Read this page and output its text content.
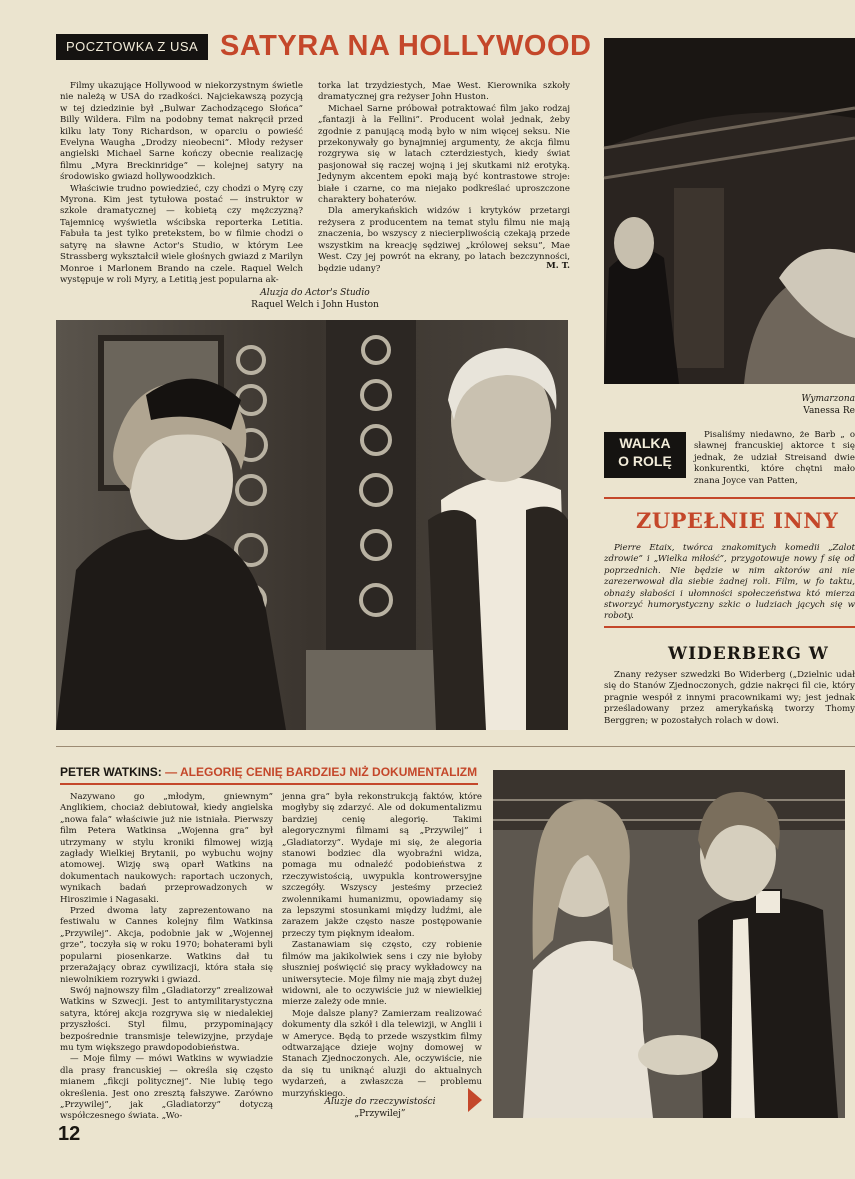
POCZTOWKA Z USA SATYRA NA HOLLYWOOD

Filmy ukazujące Hollywood w niekorzystnym świetle nie należą w USA do rzadkości. Najciekawszą pozycją w tej dziedzinie był „Bulwar Zachodzącego Słońca” Billy Wildera. Film na podobny temat nakręcił przed kilku laty Tony Richardson, w oparciu o powieść Evelyna Waugha „Drodzy nieobecni”. Młody reżyser angielski Michael Sarne kończy obecnie realizację filmu „Myra Breckinridge” — kolejnej satyry na środowisko gwiazd hollywoodzkich.

Właściwie trudno powiedzieć, czy chodzi o Myrę czy Myrona. Kim jest tytułowa postać — instruktor w szkole dramatycznej — kobietą czy mężczyzną? Tajemnicę wyświetla wścibska reporterka Letitia. Fabuła ta jest tylko pretekstem, bo w filmie chodzi o satyrę na sławne Actor's Studio, w którym Lee Strassberg wykształcił wiele głośnych gwiazd z Marilyn Monroe i Marlonem Brando na czele. Raquel Welch występuje w roli Myry, a Letitią jest popularna ak-

torka lat trzydziestych, Mae West. Kierownika szkoły dramatycznej gra reżyser John Huston.

Michael Sarne próbował potraktować film jako rodzaj „fantazji à la Fellini”. Producent wolał jednak, żeby zgodnie z panującą modą było w nim więcej seksu. Nie przekonywały go bynajmniej argumenty, że akcja filmu rozgrywa się w latach czterdziestych, kiedy świat pasjonował się raczej wojną i jej skutkami niż erotyką. Jedynym akcentem epoki mają być kontrastowe stroje: białe i czarne, co ma niejako podkreślać uproszczone charaktery bohaterów.

Dla amerykańskich widzów i krytyków przetargi reżysera z producentem na temat stylu filmu nie mają znaczenia, bo wszyscy z niecierpliwością czekają przede wszystkim na kreację sędziwej „królowej seksu”, Mae West. Czy jej powrót na ekrany, po latach bezczynności, będzie udany?	M. T.
Aluzja do Actor's Studio
Raquel Welch i John Huston
Wymarzona
Vanessa Re
WALKA
O ROLĘ

Pisaliśmy niedawno, że Barb „ o sławnej francuskiej aktorce t się jednak, że udział Streisand dwie konkurentki, które chętni mało znana Joyce van Patten,

ZUPEŁNIE INNY

Pierre Etaix, twórca znakomitych komedii „Zalot zdrowie” i „Wielka miłość”, przygotowuje nowy f się od poprzednich. Nie będzie w nim aktorów ani nie zarezerwował dla siebie żadnej roli. Film, w fo taktu, obnaży słabości i ułomności społeczeństwa któ mierza stworzyć humorystyczny szkic o ludziach jących się w roboty.

WIDERBERG W

Znany reżyser szwedzki Bo Widerberg („Dzielnic udał się do Stanów Zjednoczonych, gdzie nakręci fil cie, który pragnie wespół z innymi pracownikami wy; jest jednak prześladowany przez amerykańską tworzy Thomy Berggren; w pozostałych rolach w dowi.

PETER WATKINS: — ALEGORIĘ CENIĘ BARDZIEJ NIŻ DOKUMENTALIZM

Nazywano go „młodym, gniewnym” Anglikiem, chociaż debiutował, kiedy angielska „nowa fala” właściwie już nie istniała. Pierwszy film Petera Watkinsa „Wojenna gra” był utrzymany w stylu kroniki filmowej wizją zagłady Wielkiej Brytanii, po wybuchu wojny atomowej. Wizję swą oparł Watkins na dokumentach naukowych: raportach uczonych, wynikach badań przeprowadzonych w Hiroszimie i Nagasaki.

Przed dwoma laty zaprezentowano na festiwalu w Cannes kolejny film Watkinsa „Przywilej”. Akcja, podobnie jak w „Wojennej grze”, toczyła się w roku 1970; bohaterami byli popularni piosenkarze. Watkins dał tu przerażający obraz cywilizacji, która stała się niewolnikiem rozrywki i gwiazd.

Swój najnowszy film „Gladiatorzy” zrealizował Watkins w Szwecji. Jest to antymilitarystyczna satyra, której akcja rozgrywa się w niedalekiej przyszłości. Styl filmu, przypominający bezpośrednie transmisje telewizyjne, przydaje mu tym większego prawdopodobieństwa.

— Moje filmy — mówi Watkins w wywiadzie dla prasy francuskiej — określa się często mianem „fikcji politycznej”. Nie lubię tego określenia. Jest ono zresztą fałszywe. Zarówno „Przywilej”, jak „Gladiatorzy” dotyczą współczesnego świata. „Wo-

jenna gra” była rekonstrukcją faktów, które mogłyby się zdarzyć. Ale od dokumentalizmu bardziej cenię alegorię. Takimi alegorycznymi filmami są „Przywilej” i „Gladiatorzy”. Wydaje mi się, że alegoria stanowi bodziec dla wyobraźni widza, pomaga mu odnaleźć podobieństwa z rzeczywistością, uwypukla kontrowersyjne szczegóły. Wszyscy jesteśmy przecież zwolennikami humanizmu, opowiadamy się za lepszymi stosunkami między ludźmi, ale zarazem jakże często nasze postępowanie przeczy tym pięknym ideałom.

Zastanawiam się często, czy robienie filmów ma jakikolwiek sens i czy nie byłoby słuszniej poświęcić się pracy wykładowcy na uniwersytecie. Moje filmy nie mają zbyt dużej widowni, ale to oczywiście już w niewielkiej mierze zależy ode mnie.

Moje dalsze plany? Zamierzam realizować dokumenty dla szkół i dla telewizji, w Anglii i w Ameryce. Będą to przede wszystkim filmy odtwarzające dzieje wojny domowej w Stanach Zjednoczonych. Ale, oczywiście, nie da się tu uniknąć aluzji do aktualnych wydarzeń, a zwłaszcza — problemu murzyńskiego.

Aluzje do rzeczywistości
„Przywilej”
12
